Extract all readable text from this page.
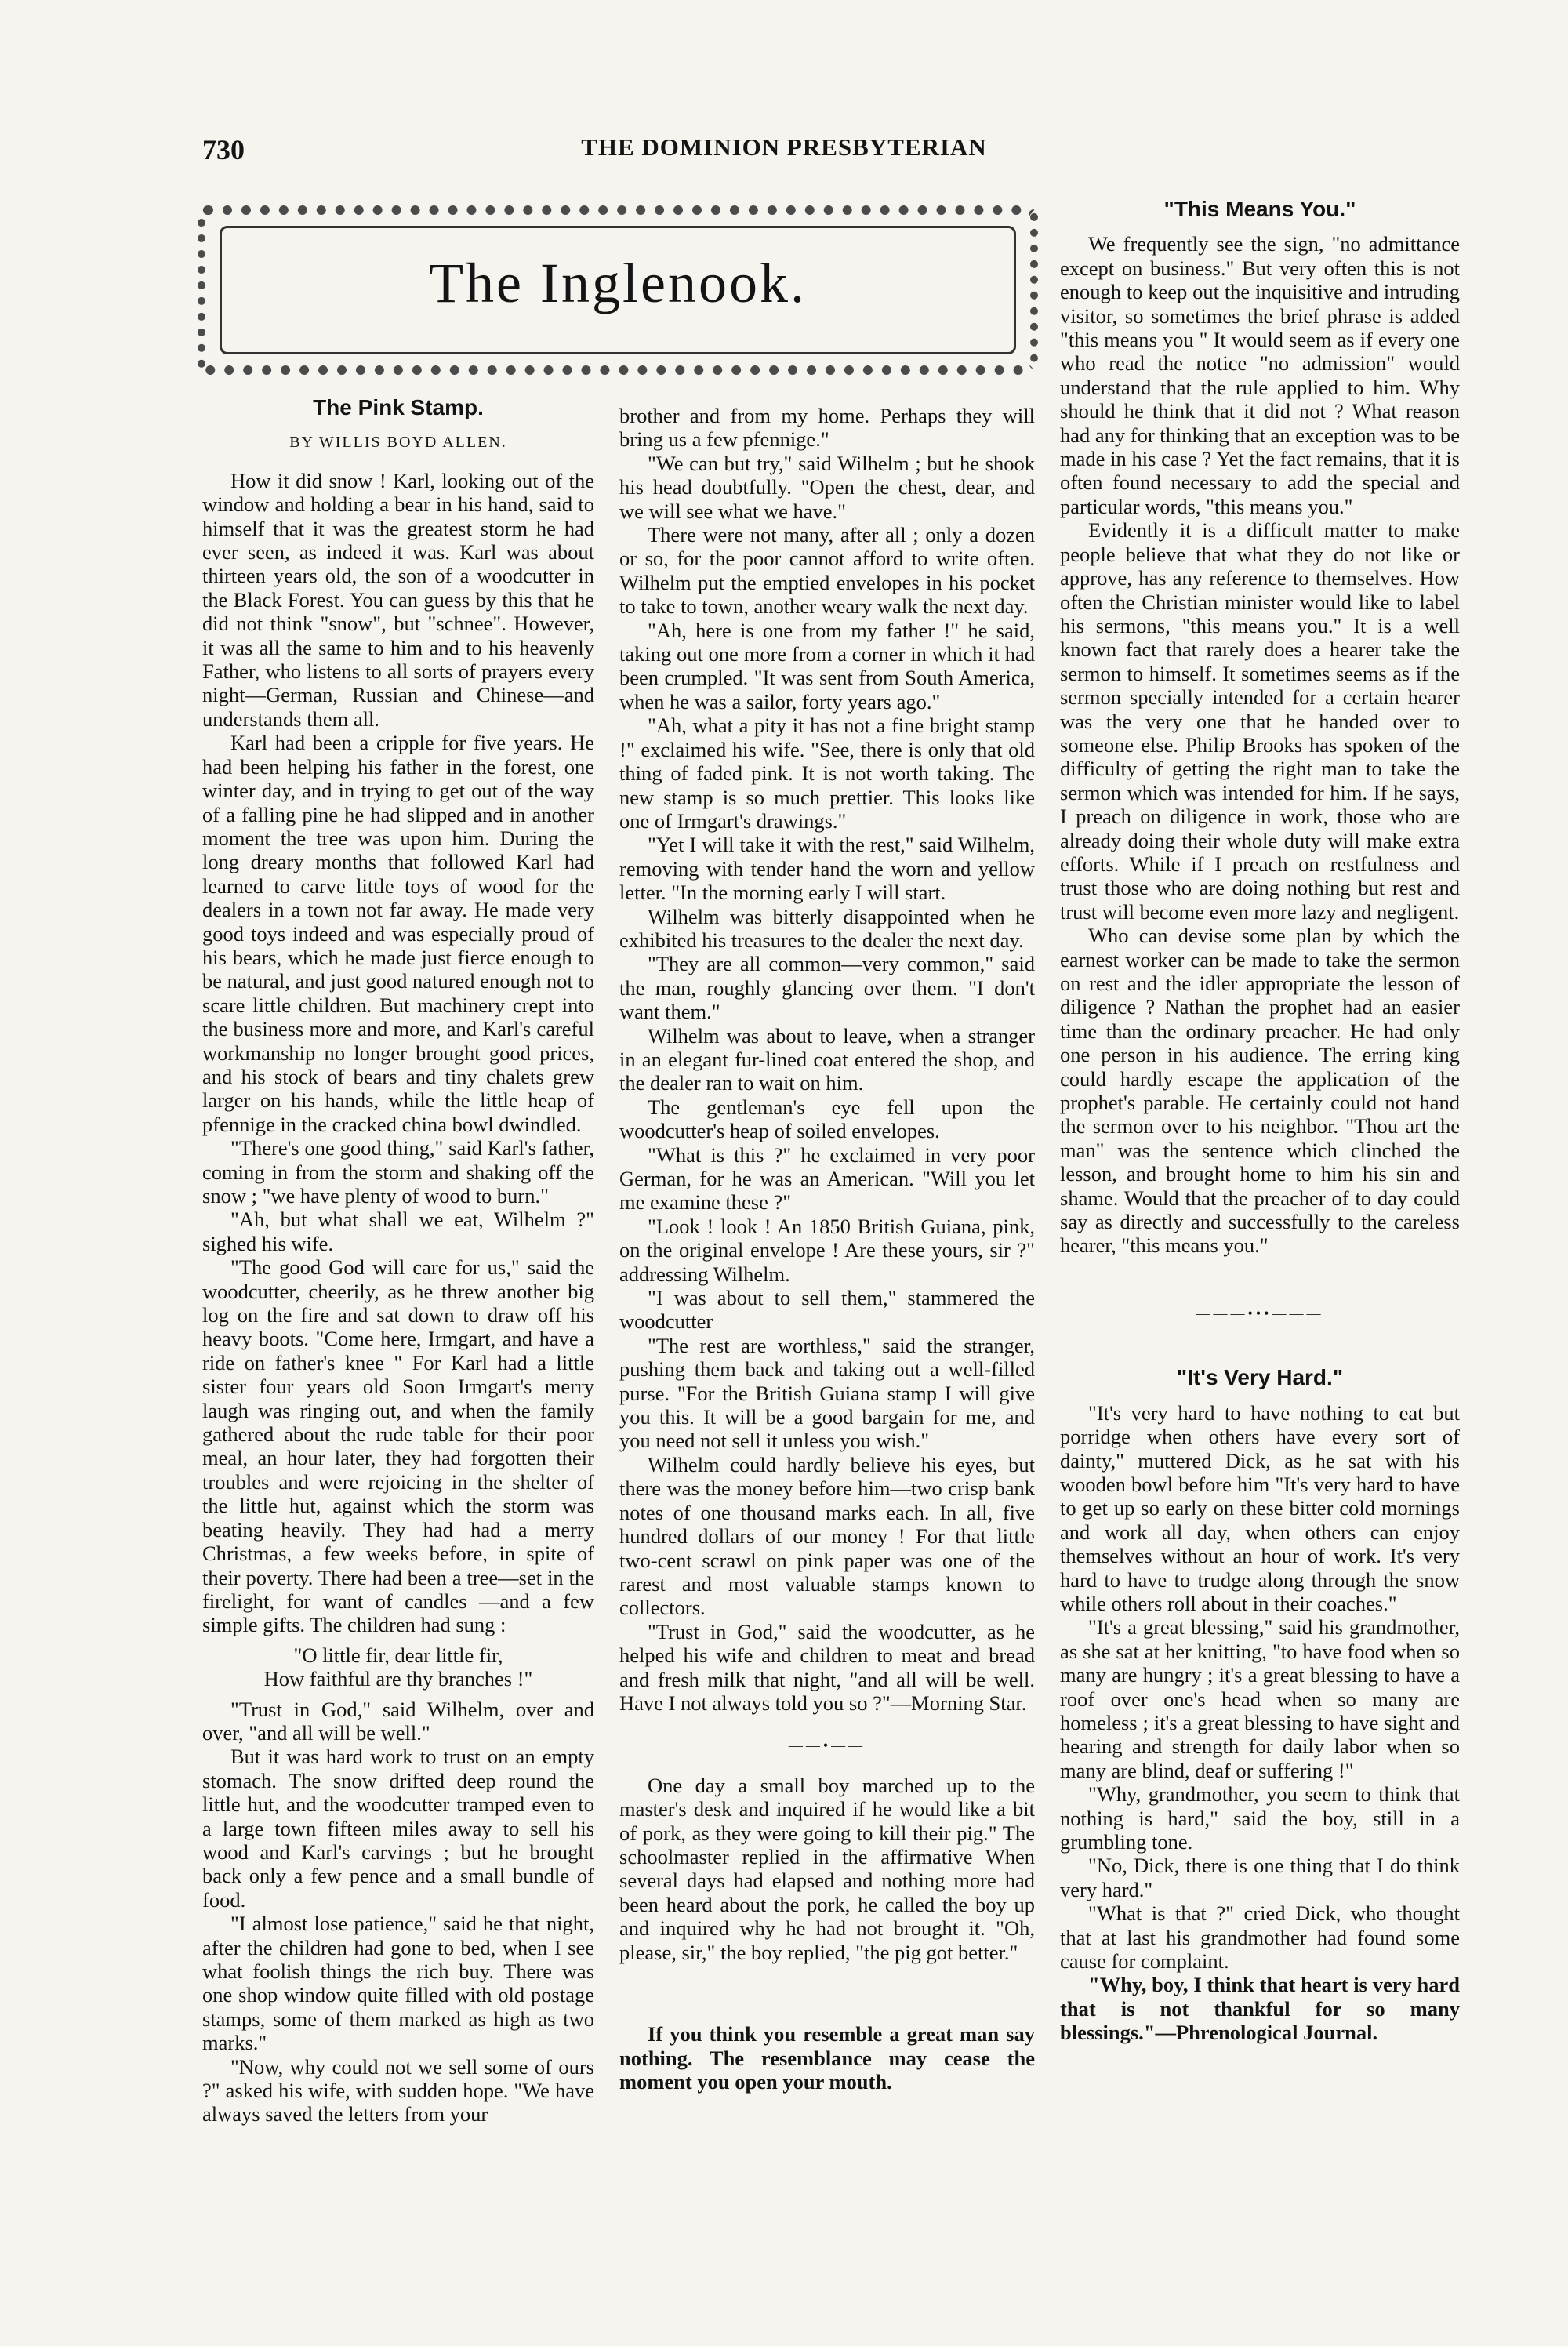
730	THE DOMINION PRESBYTERIAN
The Inglenook.
The Pink Stamp.
BY WILLIS BOYD ALLEN.

How it did snow ! Karl, looking out of the window and holding a bear in his hand, said to himself that it was the greatest storm he had ever seen, as indeed it was. Karl was about thirteen years old, the son of a woodcutter in the Black Forest. You can guess by this that he did not think "snow", but "schnee". However, it was all the same to him and to his heavenly Father, who listens to all sorts of prayers every night—German, Russian and Chinese—and understands them all.

Karl had been a cripple for five years. He had been helping his father in the forest, one winter day, and in trying to get out of the way of a falling pine he had slipped and in another moment the tree was upon him. During the long dreary months that followed Karl had learned to carve little toys of wood for the dealers in a town not far away. He made very good toys indeed and was especially proud of his bears, which he made just fierce enough to be natural, and just good natured enough not to scare little children. But machinery crept into the business more and more, and Karl's careful workmanship no longer brought good prices, and his stock of bears and tiny chalets grew larger on his hands, while the little heap of pfennige in the cracked china bowl dwindled.

"There's one good thing," said Karl's father, coming in from the storm and shaking off the snow ; "we have plenty of wood to burn."

"Ah, but what shall we eat, Wilhelm ?" sighed his wife.

"The good God will care for us," said the woodcutter, cheerily, as he threw another big log on the fire and sat down to draw off his heavy boots. "Come here, Irmgart, and have a ride on father's knee " For Karl had a little sister four years old Soon Irmgart's merry laugh was ringing out, and when the family gathered about the rude table for their poor meal, an hour later, they had forgotten their troubles and were rejoicing in the shelter of the little hut, against which the storm was beating heavily. They had had a merry Christmas, a few weeks before, in spite of their poverty. There had been a tree—set in the firelight, for want of candles —and a few simple gifts. The children had sung :

"O little fir, dear little fir,
How faithful are thy branches !"

"Trust in God," said Wilhelm, over and over, "and all will be well."

But it was hard work to trust on an empty stomach. The snow drifted deep round the little hut, and the woodcutter tramped even to a large town fifteen miles away to sell his wood and Karl's carvings ; but he brought back only a few pence and a small bundle of food.

"I almost lose patience," said he that night, after the children had gone to bed, when I see what foolish things the rich buy. There was one shop window quite filled with old postage stamps, some of them marked as high as two marks."

"Now, why could not we sell some of ours ?" asked his wife, with sudden hope. "We have always saved the letters from your

brother and from my home. Perhaps they will bring us a few pfennige."

"We can but try," said Wilhelm ; but he shook his head doubtfully. "Open the chest, dear, and we will see what we have."

There were not many, after all ; only a dozen or so, for the poor cannot afford to write often. Wilhelm put the emptied envelopes in his pocket to take to town, another weary walk the next day.

"Ah, here is one from my father !" he said, taking out one more from a corner in which it had been crumpled. "It was sent from South America, when he was a sailor, forty years ago."

"Ah, what a pity it has not a fine bright stamp !" exclaimed his wife. "See, there is only that old thing of faded pink. It is not worth taking. The new stamp is so much prettier. This looks like one of Irmgart's drawings."

"Yet I will take it with the rest," said Wilhelm, removing with tender hand the worn and yellow letter. "In the morning early I will start.

Wilhelm was bitterly disappointed when he exhibited his treasures to the dealer the next day.

"They are all common—very common," said the man, roughly glancing over them. "I don't want them."

Wilhelm was about to leave, when a stranger in an elegant fur-lined coat entered the shop, and the dealer ran to wait on him.

The gentleman's eye fell upon the woodcutter's heap of soiled envelopes.

"What is this ?" he exclaimed in very poor German, for he was an American. "Will you let me examine these ?"

"Look ! look ! An 1850 British Guiana, pink, on the original envelope ! Are these yours, sir ?" addressing Wilhelm.

"I was about to sell them," stammered the woodcutter

"The rest are worthless," said the stranger, pushing them back and taking out a well-filled purse. "For the British Guiana stamp I will give you this. It will be a good bargain for me, and you need not sell it unless you wish."

Wilhelm could hardly believe his eyes, but there was the money before him—two crisp bank notes of one thousand marks each. In all, five hundred dollars of our money ! For that little two-cent scrawl on pink paper was one of the rarest and most valuable stamps known to collectors.

"Trust in God," said the woodcutter, as he helped his wife and children to meat and bread and fresh milk that night, "and all will be well. Have I not always told you so ?"—Morning Star.

——•——

One day a small boy marched up to the master's desk and inquired if he would like a bit of pork, as they were going to kill their pig." The schoolmaster replied in the affirmative When several days had elapsed and nothing more had been heard about the pork, he called the boy up and inquired why he had not brought it. "Oh, please, sir," the boy replied, "the pig got better."

———

If you think you resemble a great man say nothing. The resemblance may cease the moment you open your mouth.

"This Means You."

We frequently see the sign, "no admittance except on business." But very often this is not enough to keep out the inquisitive and intruding visitor, so sometimes the brief phrase is added "this means you " It would seem as if every one who read the notice "no admission" would understand that the rule applied to him. Why should he think that it did not ? What reason had any for thinking that an exception was to be made in his case ? Yet the fact remains, that it is often found necessary to add the special and particular words, "this means you."

Evidently it is a difficult matter to make people believe that what they do not like or approve, has any reference to themselves. How often the Christian minister would like to label his sermons, "this means you." It is a well known fact that rarely does a hearer take the sermon to himself. It sometimes seems as if the sermon specially intended for a certain hearer was the very one that he handed over to someone else. Philip Brooks has spoken of the difficulty of getting the right man to take the sermon which was intended for him. If he says, I preach on diligence in work, those who are already doing their whole duty will make extra efforts. While if I preach on restfulness and trust those who are doing nothing but rest and trust will become even more lazy and negligent.

Who can devise some plan by which the earnest worker can be made to take the sermon on rest and the idler appropriate the lesson of diligence ? Nathan the prophet had an easier time than the ordinary preacher. He had only one person in his audience. The erring king could hardly escape the application of the prophet's parable. He certainly could not hand the sermon over to his neighbor. "Thou art the man" was the sentence which clinched the lesson, and brought home to him his sin and shame. Would that the preacher of to day could say as directly and successfully to the careless hearer, "this means you."

———•••———
"It's Very Hard."

"It's very hard to have nothing to eat but porridge when others have every sort of dainty," muttered Dick, as he sat with his wooden bowl before him "It's very hard to have to get up so early on these bitter cold mornings and work all day, when others can enjoy themselves without an hour of work. It's very hard to have to trudge along through the snow while others roll about in their coaches."

"It's a great blessing," said his grandmother, as she sat at her knitting, "to have food when so many are hungry ; it's a great blessing to have a roof over one's head when so many are homeless ; it's a great blessing to have sight and hearing and strength for daily labor when so many are blind, deaf or suffering !"

"Why, grandmother, you seem to think that nothing is hard," said the boy, still in a grumbling tone.

"No, Dick, there is one thing that I do think very hard."

"What is that ?" cried Dick, who thought that at last his grandmother had found some cause for complaint.

"Why, boy, I think that heart is very hard that is not thankful for so many blessings."—Phrenological Journal.
